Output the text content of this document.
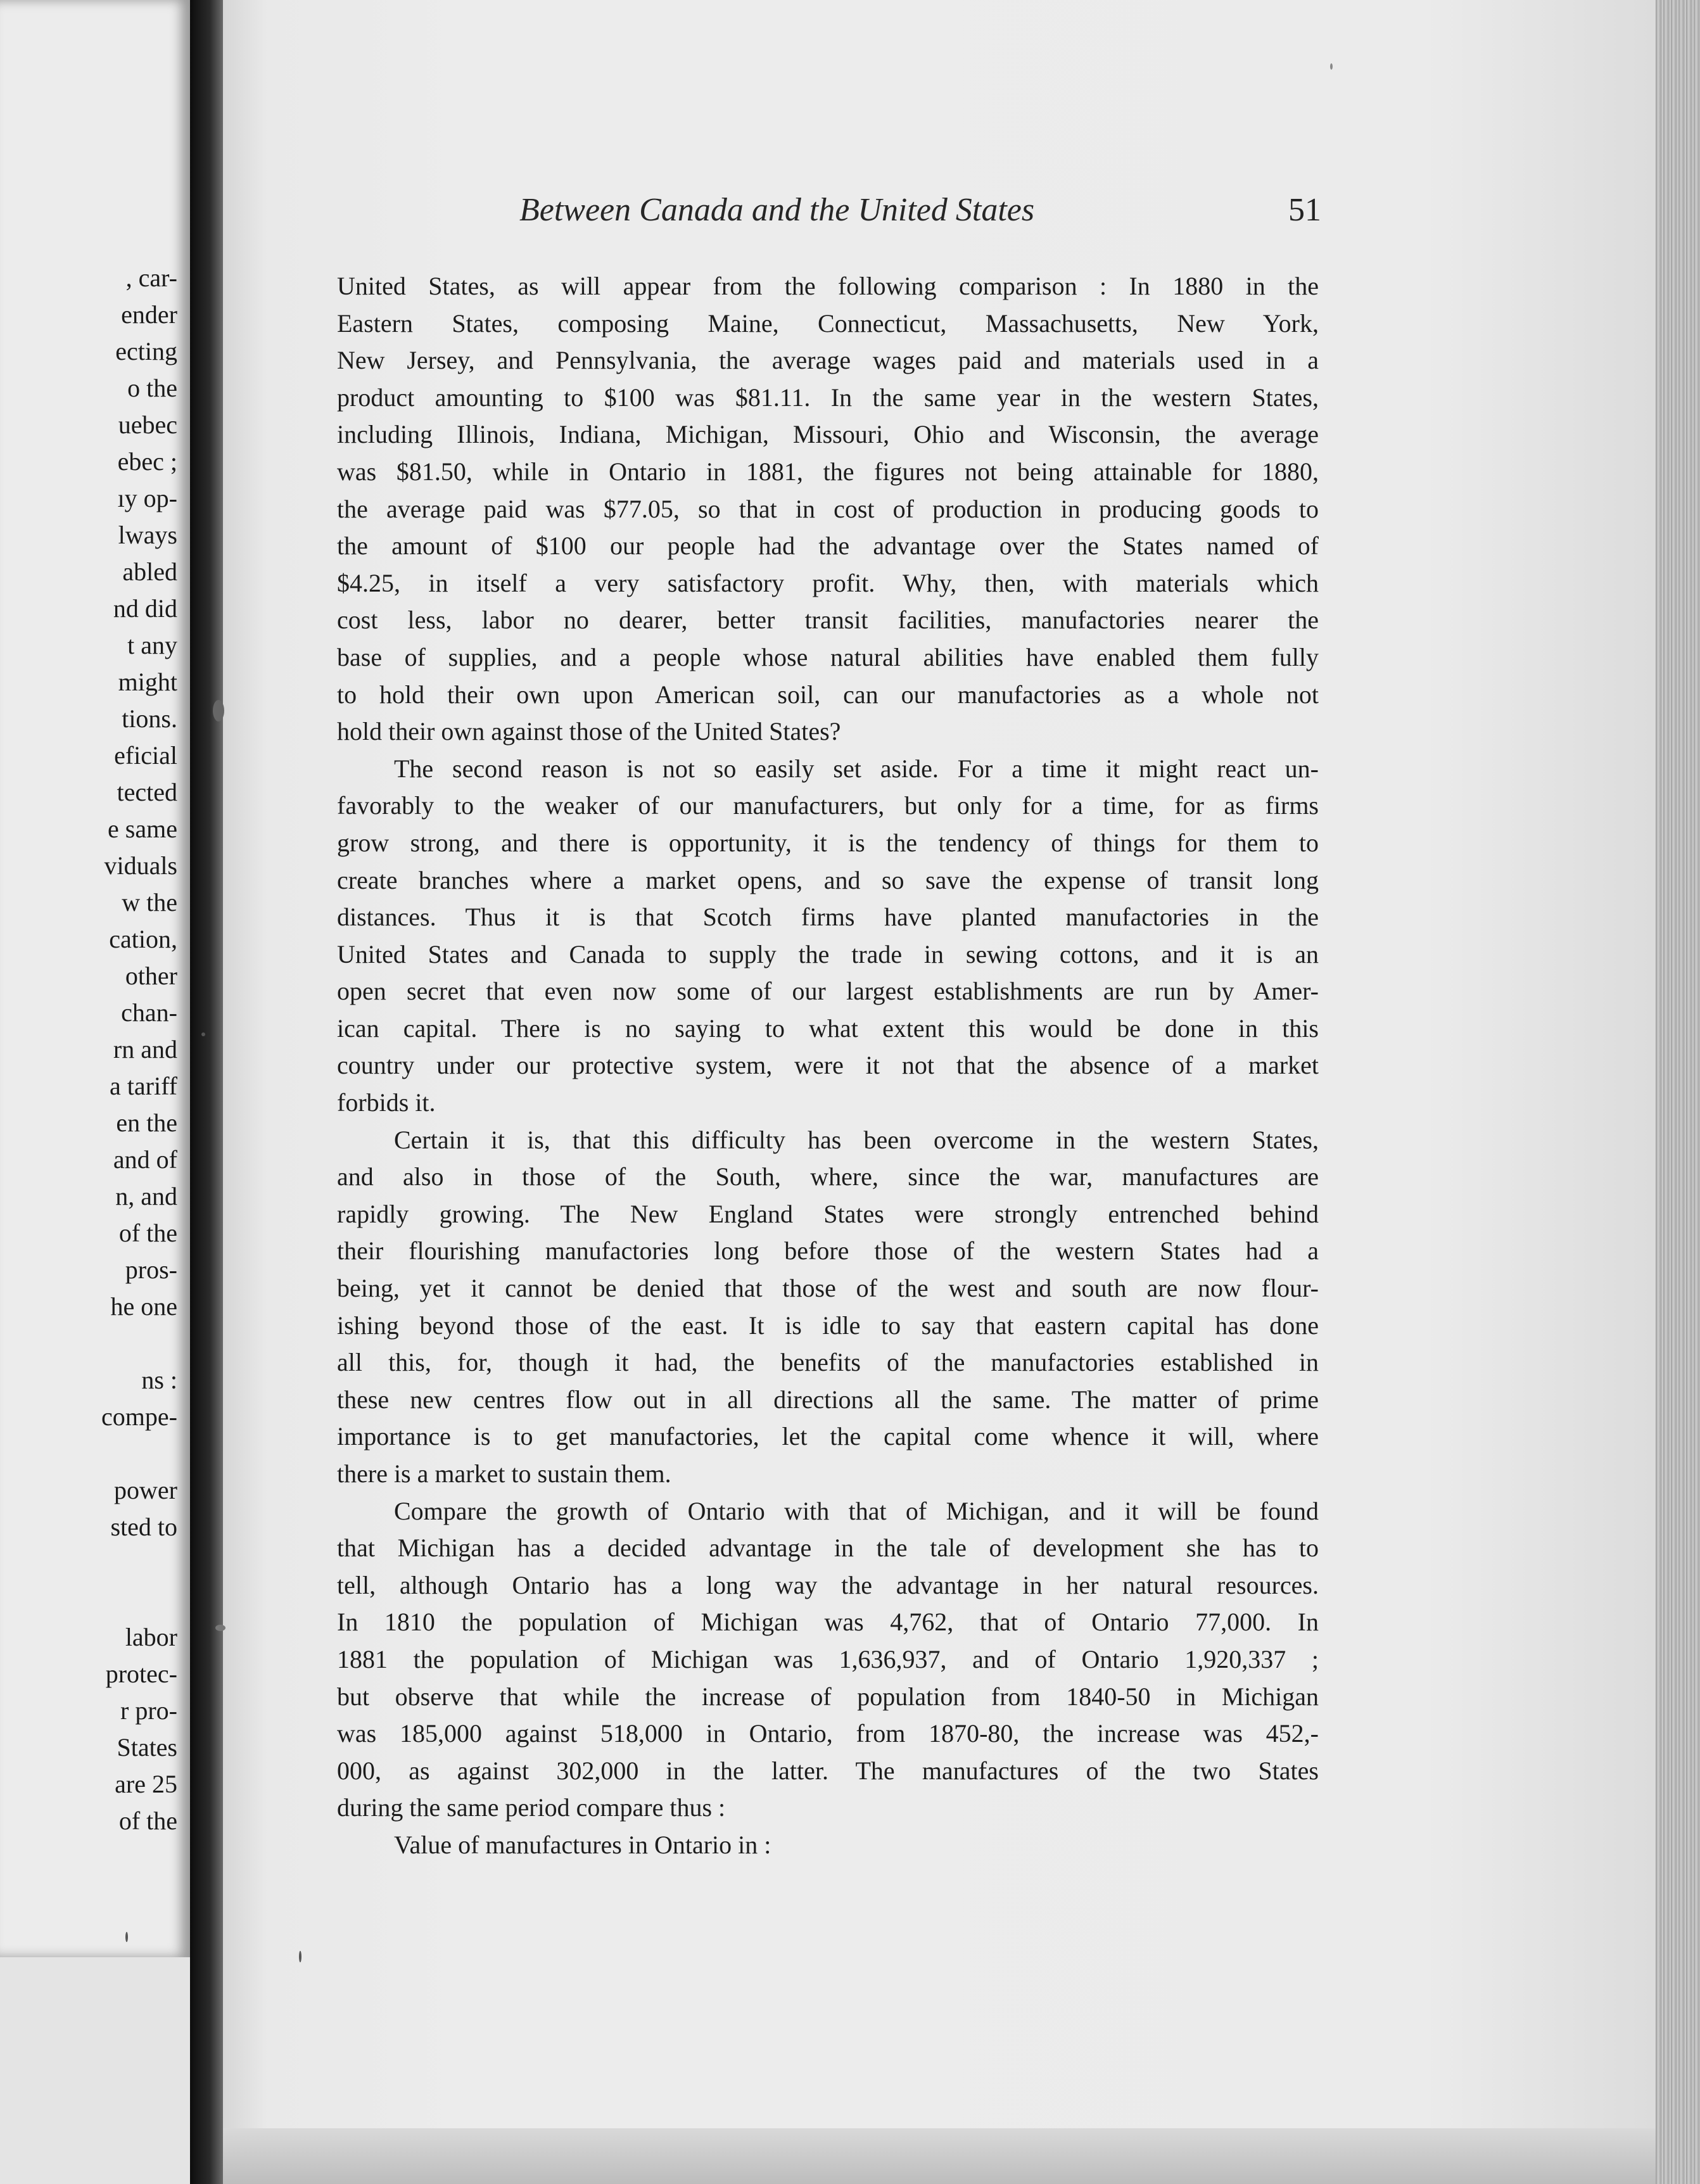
, car-
ender
ecting
o the
uebec
ebec ;
ıy op-
lways
abled
nd did
t any
might
tions.
eficial
tected
e same
viduals
w the
cation,
other
chan-
rn and
a tariff
en the
and of
n, and
of the
pros-
he one
ns :
compe-
power
sted to
labor
protec-
r pro-
States
are 25
of the
Between Canada and the United States	51
United States, as will appear from the following comparison : In 1880 in the
Eastern States, composing Maine, Connecticut, Massachusetts, New York,
New Jersey, and Pennsylvania, the average wages paid and materials used in a
product amounting to $100 was $81.11. In the same year in the western States,
including Illinois, Indiana, Michigan, Missouri, Ohio and Wisconsin, the average
was $81.50, while in Ontario in 1881, the figures not being attainable for 1880,
the average paid was $77.05, so that in cost of production in producing goods to
the amount of $100 our people had the advantage over the States named of
$4.25, in itself a very satisfactory profit. Why, then, with materials which
cost less, labor no dearer, better transit facilities, manufactories nearer the
base of supplies, and a people whose natural abilities have enabled them fully
to hold their own upon American soil, can our manufactories as a whole not
hold their own against those of the United States?
The second reason is not so easily set aside. For a time it might react un-
favorably to the weaker of our manufacturers, but only for a time, for as firms
grow strong, and there is opportunity, it is the tendency of things for them to
create branches where a market opens, and so save the expense of transit long
distances. Thus it is that Scotch firms have planted manufactories in the
United States and Canada to supply the trade in sewing cottons, and it is an
open secret that even now some of our largest establishments are run by Amer-
ican capital. There is no saying to what extent this would be done in this
country under our protective system, were it not that the absence of a market
forbids it.
Certain it is, that this difficulty has been overcome in the western States,
and also in those of the South, where, since the war, manufactures are
rapidly growing. The New England States were strongly entrenched behind
their flourishing manufactories long before those of the western States had a
being, yet it cannot be denied that those of the west and south are now flour-
ishing beyond those of the east. It is idle to say that eastern capital has done
all this, for, though it had, the benefits of the manufactories established in
these new centres flow out in all directions all the same. The matter of prime
importance is to get manufactories, let the capital come whence it will, where
there is a market to sustain them.
Compare the growth of Ontario with that of Michigan, and it will be found
that Michigan has a decided advantage in the tale of development she has to
tell, although Ontario has a long way the advantage in her natural resources.
In 1810 the population of Michigan was 4,762, that of Ontario 77,000. In
1881 the population of Michigan was 1,636,937, and of Ontario 1,920,337 ;
but observe that while the increase of population from 1840-50 in Michigan
was 185,000 against 518,000 in Ontario, from 1870-80, the increase was 452,-
000, as against 302,000 in the latter. The manufactures of the two States
during the same period compare thus :
Value of manufactures in Ontario in :
